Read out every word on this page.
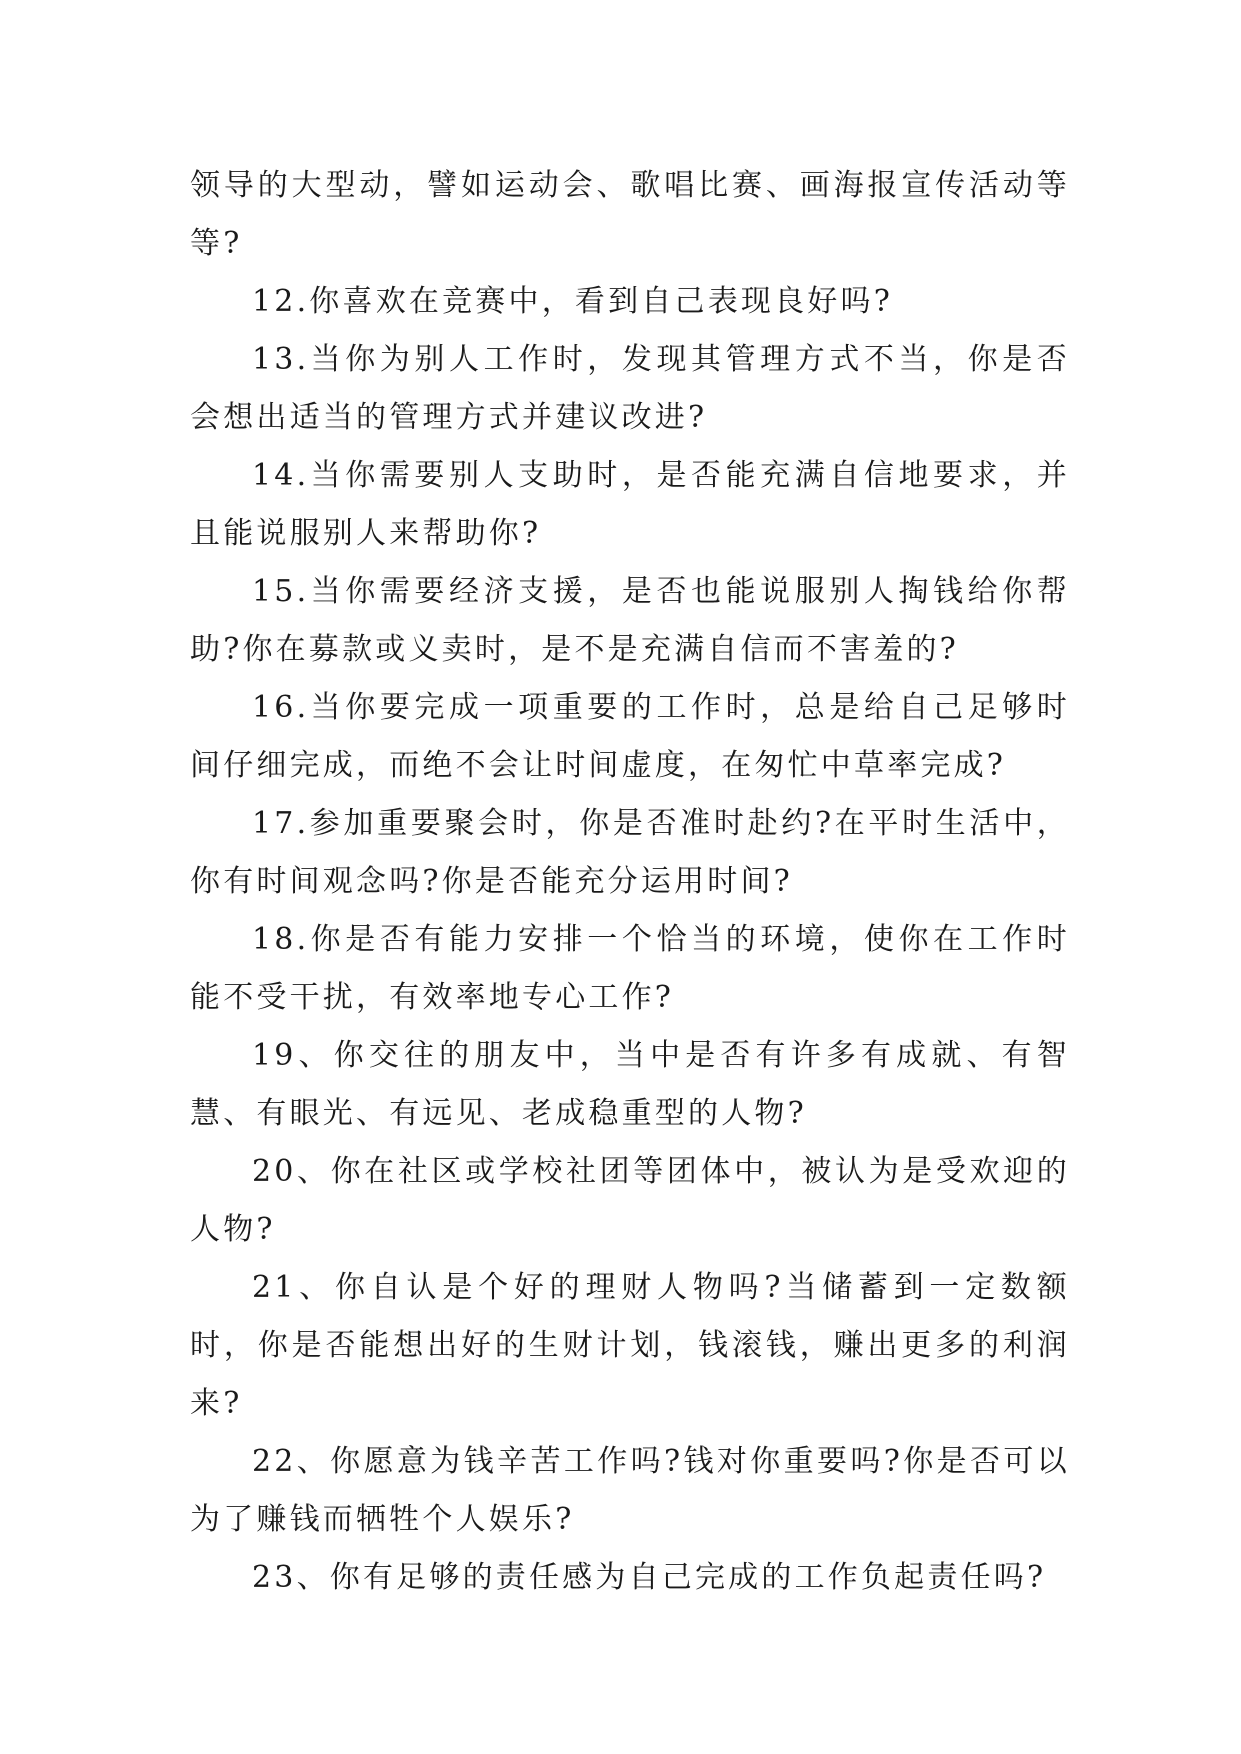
领导的大型动，譬如运动会、歌唱比赛、画海报宣传活动等等?

12.你喜欢在竞赛中，看到自己表现良好吗?

13.当你为别人工作时，发现其管理方式不当，你是否会想出适当的管理方式并建议改进?

14.当你需要别人支助时，是否能充满自信地要求，并且能说服别人来帮助你?

15.当你需要经济支援，是否也能说服别人掏钱给你帮助?你在募款或义卖时，是不是充满自信而不害羞的?

16.当你要完成一项重要的工作时，总是给自己足够时间仔细完成，而绝不会让时间虚度，在匆忙中草率完成?

17.参加重要聚会时，你是否准时赴约?在平时生活中，你有时间观念吗?你是否能充分运用时间?

18.你是否有能力安排一个恰当的环境，使你在工作时能不受干扰，有效率地专心工作?

19、你交往的朋友中，当中是否有许多有成就、有智慧、有眼光、有远见、老成稳重型的人物?

20、你在社区或学校社团等团体中，被认为是受欢迎的人物?

21、你自认是个好的理财人物吗?当储蓄到一定数额时，你是否能想出好的生财计划，钱滚钱，赚出更多的利润来?

22、你愿意为钱辛苦工作吗?钱对你重要吗?你是否可以为了赚钱而牺牲个人娱乐?

23、你有足够的责任感为自己完成的工作负起责任吗?
